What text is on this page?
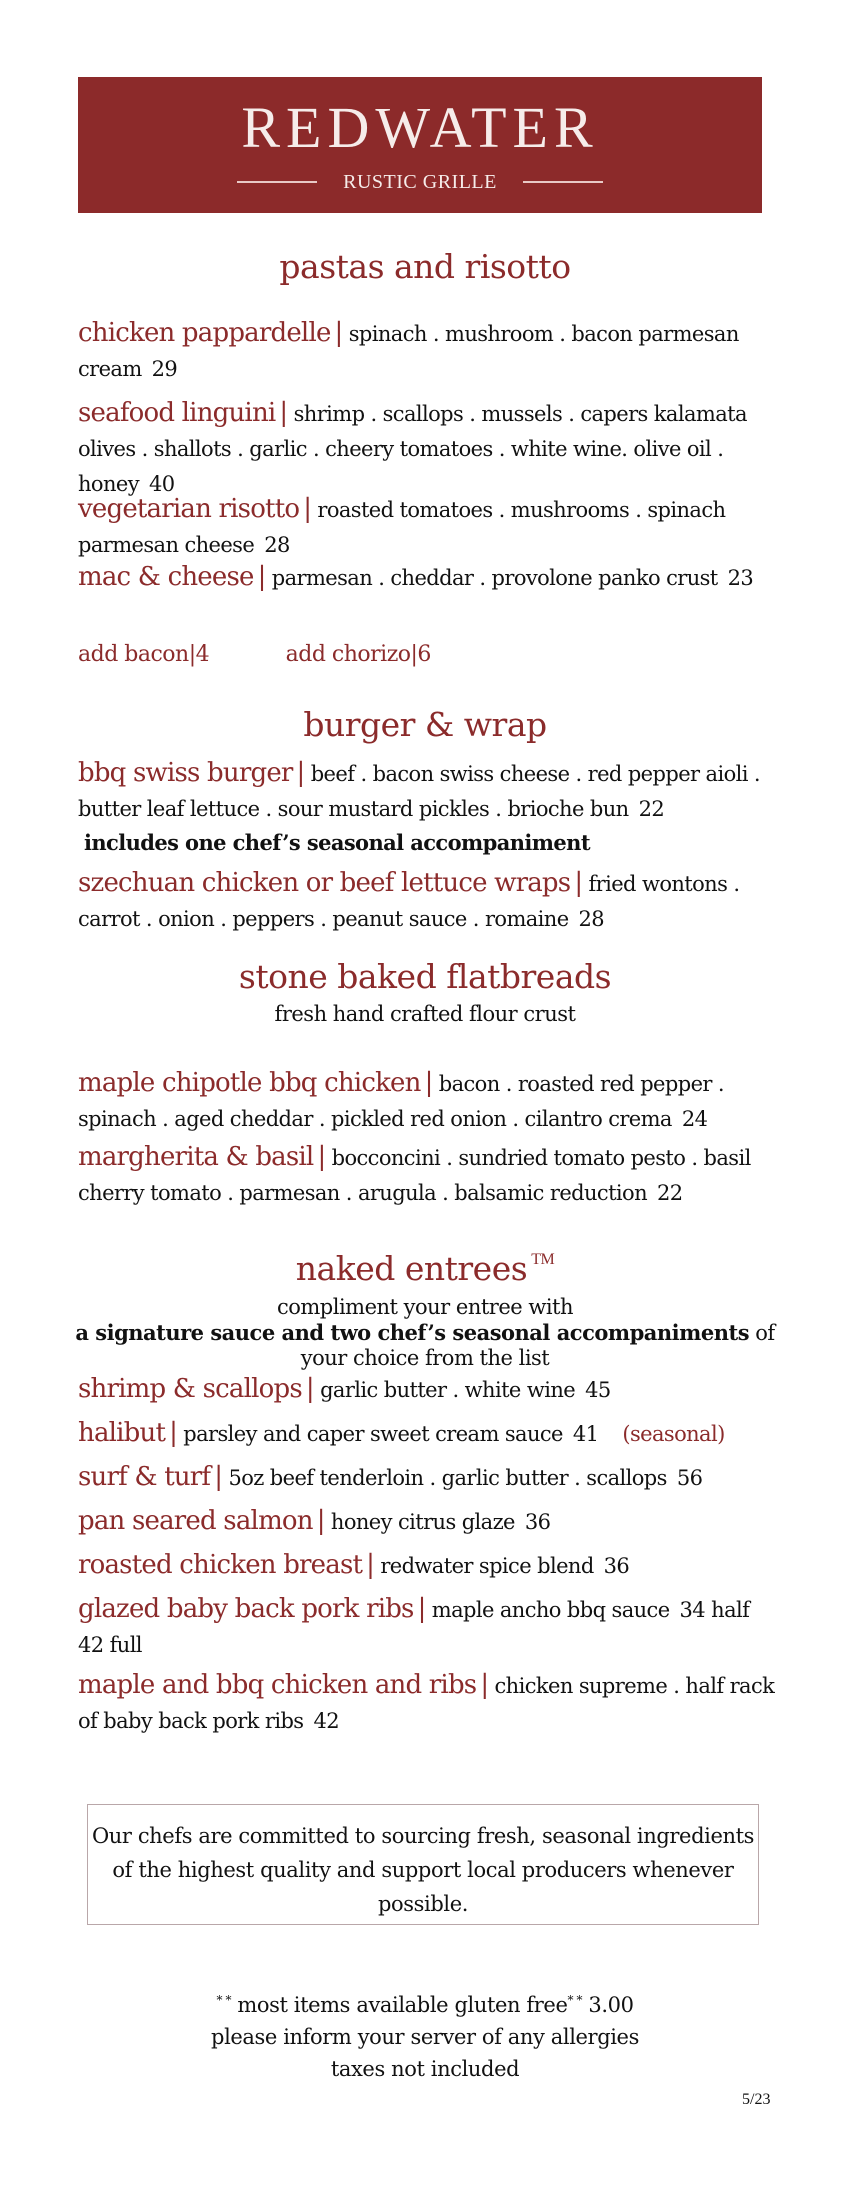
REDWATER
RUSTIC GRILLE
pastas and risotto
chicken pappardelle | spinach . mushroom . bacon parmesan cream 29
seafood linguini | shrimp . scallops . mussels . capers kalamata olives . shallots . garlic . cheery tomatoes . white wine. olive oil . honey 40
vegetarian risotto | roasted tomatoes . mushrooms . spinach parmesan cheese 28
mac & cheese | parmesan . cheddar . provolone panko crust 23
add bacon|4	add chorizo|6
burger & wrap
bbq swiss burger | beef . bacon swiss cheese . red pepper aioli . butter leaf lettuce . sour mustard pickles . brioche bun 22
includes one chef’s seasonal accompaniment
szechuan chicken or beef lettuce wraps | fried wontons . carrot . onion . peppers . peanut sauce . romaine 28
stone baked flatbreads
fresh hand crafted flour crust
maple chipotle bbq chicken | bacon . roasted red pepper . spinach . aged cheddar . pickled red onion . cilantro crema 24
margherita & basil | bocconcini . sundried tomato pesto . basil cherry tomato . parmesan . arugula . balsamic reduction 22
naked entrees ™
compliment your entree with
a signature sauce and two chef’s seasonal accompaniments of
your choice from the list
shrimp & scallops | garlic butter . white wine 45
halibut | parsley and caper sweet cream sauce 41 (seasonal)
surf & turf | 5oz beef tenderloin . garlic butter . scallops 56
pan seared salmon | honey citrus glaze 36
roasted chicken breast | redwater spice blend 36
glazed baby back pork ribs | maple ancho bbq sauce 34 half 42 full
maple and bbq chicken and ribs | chicken supreme . half rack of baby back pork ribs 42
Our chefs are committed to sourcing fresh, seasonal ingredients of the highest quality and support local producers whenever possible.
* * most items available gluten free* * 3.00
please inform your server of any allergies
taxes not included
5/23
